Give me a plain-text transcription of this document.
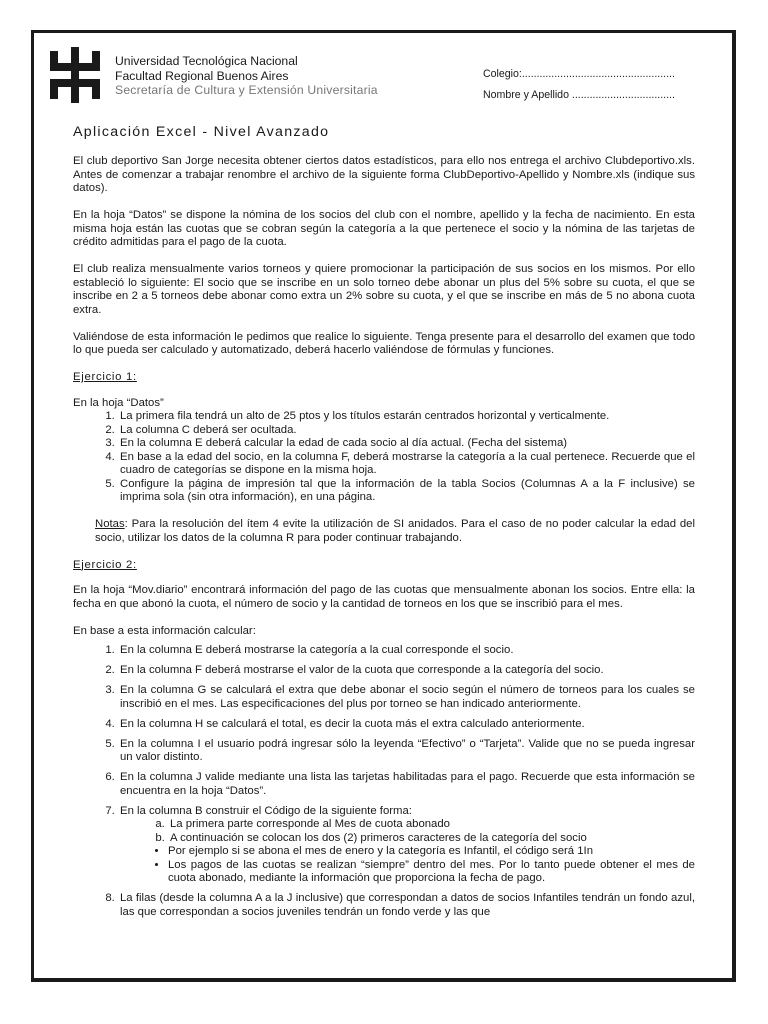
Universidad Tecnológica Nacional
Facultad Regional Buenos Aires
Secretaría de Cultura y Extensión Universitaria
Colegio:....................................................
Nombre y Apellido ...................................
Aplicación Excel - Nivel Avanzado

El club deportivo San Jorge necesita obtener ciertos datos estadísticos, para ello nos entrega el archivo Clubdeportivo.xls. Antes de comenzar a trabajar renombre el archivo de la siguiente forma ClubDeportivo-Apellido y Nombre.xls (indique sus datos).

En la hoja “Datos” se dispone la nómina de los socios del club con el nombre, apellido y la fecha de nacimiento. En esta misma hoja están las cuotas que se cobran según la categoría a la que pertenece el socio y la nómina de las tarjetas de crédito admitidas para el pago de la cuota.

El club realiza mensualmente varios torneos y quiere promocionar la participación de sus socios en los mismos. Por ello estableció lo siguiente: El socio que se inscribe en un solo torneo debe abonar un plus del 5% sobre su cuota, el que se inscribe en 2 a 5 torneos debe abonar como extra un 2% sobre su cuota, y el que se inscribe en más de 5 no abona cuota extra.

Valiéndose de esta información le pedimos que realice lo siguiente. Tenga presente para el desarrollo del examen que todo lo que pueda ser calculado y automatizado, deberá hacerlo valiéndose de fórmulas y funciones.

Ejercicio 1:
En la hoja “Datos”
1. La primera fila tendrá un alto de 25 ptos y los títulos estarán centrados horizontal y verticalmente.
2. La columna C deberá ser ocultada.
3. En la columna E deberá calcular la edad de cada socio al día actual. (Fecha del sistema)
4. En base a la edad del socio, en la columna F, deberá mostrarse la categoría a la cual pertenece. Recuerde que el cuadro de categorías se dispone en la misma hoja.
5. Configure la página de impresión tal que la información de la tabla Socios (Columnas A a la F inclusive) se imprima sola (sin otra información), en una página.

Notas: Para la resolución del ítem 4 evite la utilización de SI anidados. Para el caso de no poder calcular la edad del socio, utilizar los datos de la columna R para poder continuar trabajando.

Ejercicio 2:

En la hoja “Mov.diario” encontrará información del pago de las cuotas que mensualmente abonan los socios. Entre ella: la fecha en que abonó la cuota, el número de socio y la cantidad de torneos en los que se inscribió para el mes.

En base a esta información calcular:
1. En la columna E deberá mostrarse la categoría a la cual corresponde el socio.
2. En la columna F deberá mostrarse el valor de la cuota que corresponde a la categoría del socio.
3. En la columna G se calculará el extra que debe abonar el socio según el número de torneos para los cuales se inscribió en el mes. Las especificaciones del plus por torneo se han indicado anteriormente.
4. En la columna H se calculará el total, es decir la cuota más el extra calculado anteriormente.
5. En la columna I el usuario podrá ingresar sólo la leyenda “Efectivo” o “Tarjeta”. Valide que no se pueda ingresar un valor distinto.
6. En la columna J valide mediante una lista las tarjetas habilitadas para el pago. Recuerde que esta información se encuentra en la hoja “Datos”.
7. En la columna B construir el Código de la siguiente forma:
a. La primera parte corresponde al Mes de cuota abonado
b. A continuación se colocan los dos (2) primeros caracteres de la categoría del socio
• Por ejemplo si se abona el mes de enero y la categoría es Infantil, el código será 1In
• Los pagos de las cuotas se realizan “siempre” dentro del mes. Por lo tanto puede obtener el mes de cuota abonado, mediante la información que proporciona la fecha de pago.
8. La filas (desde la columna A a la J inclusive) que correspondan a datos de socios Infantiles tendrán un fondo azul, las que correspondan a socios juveniles tendrán un fondo verde y las que
